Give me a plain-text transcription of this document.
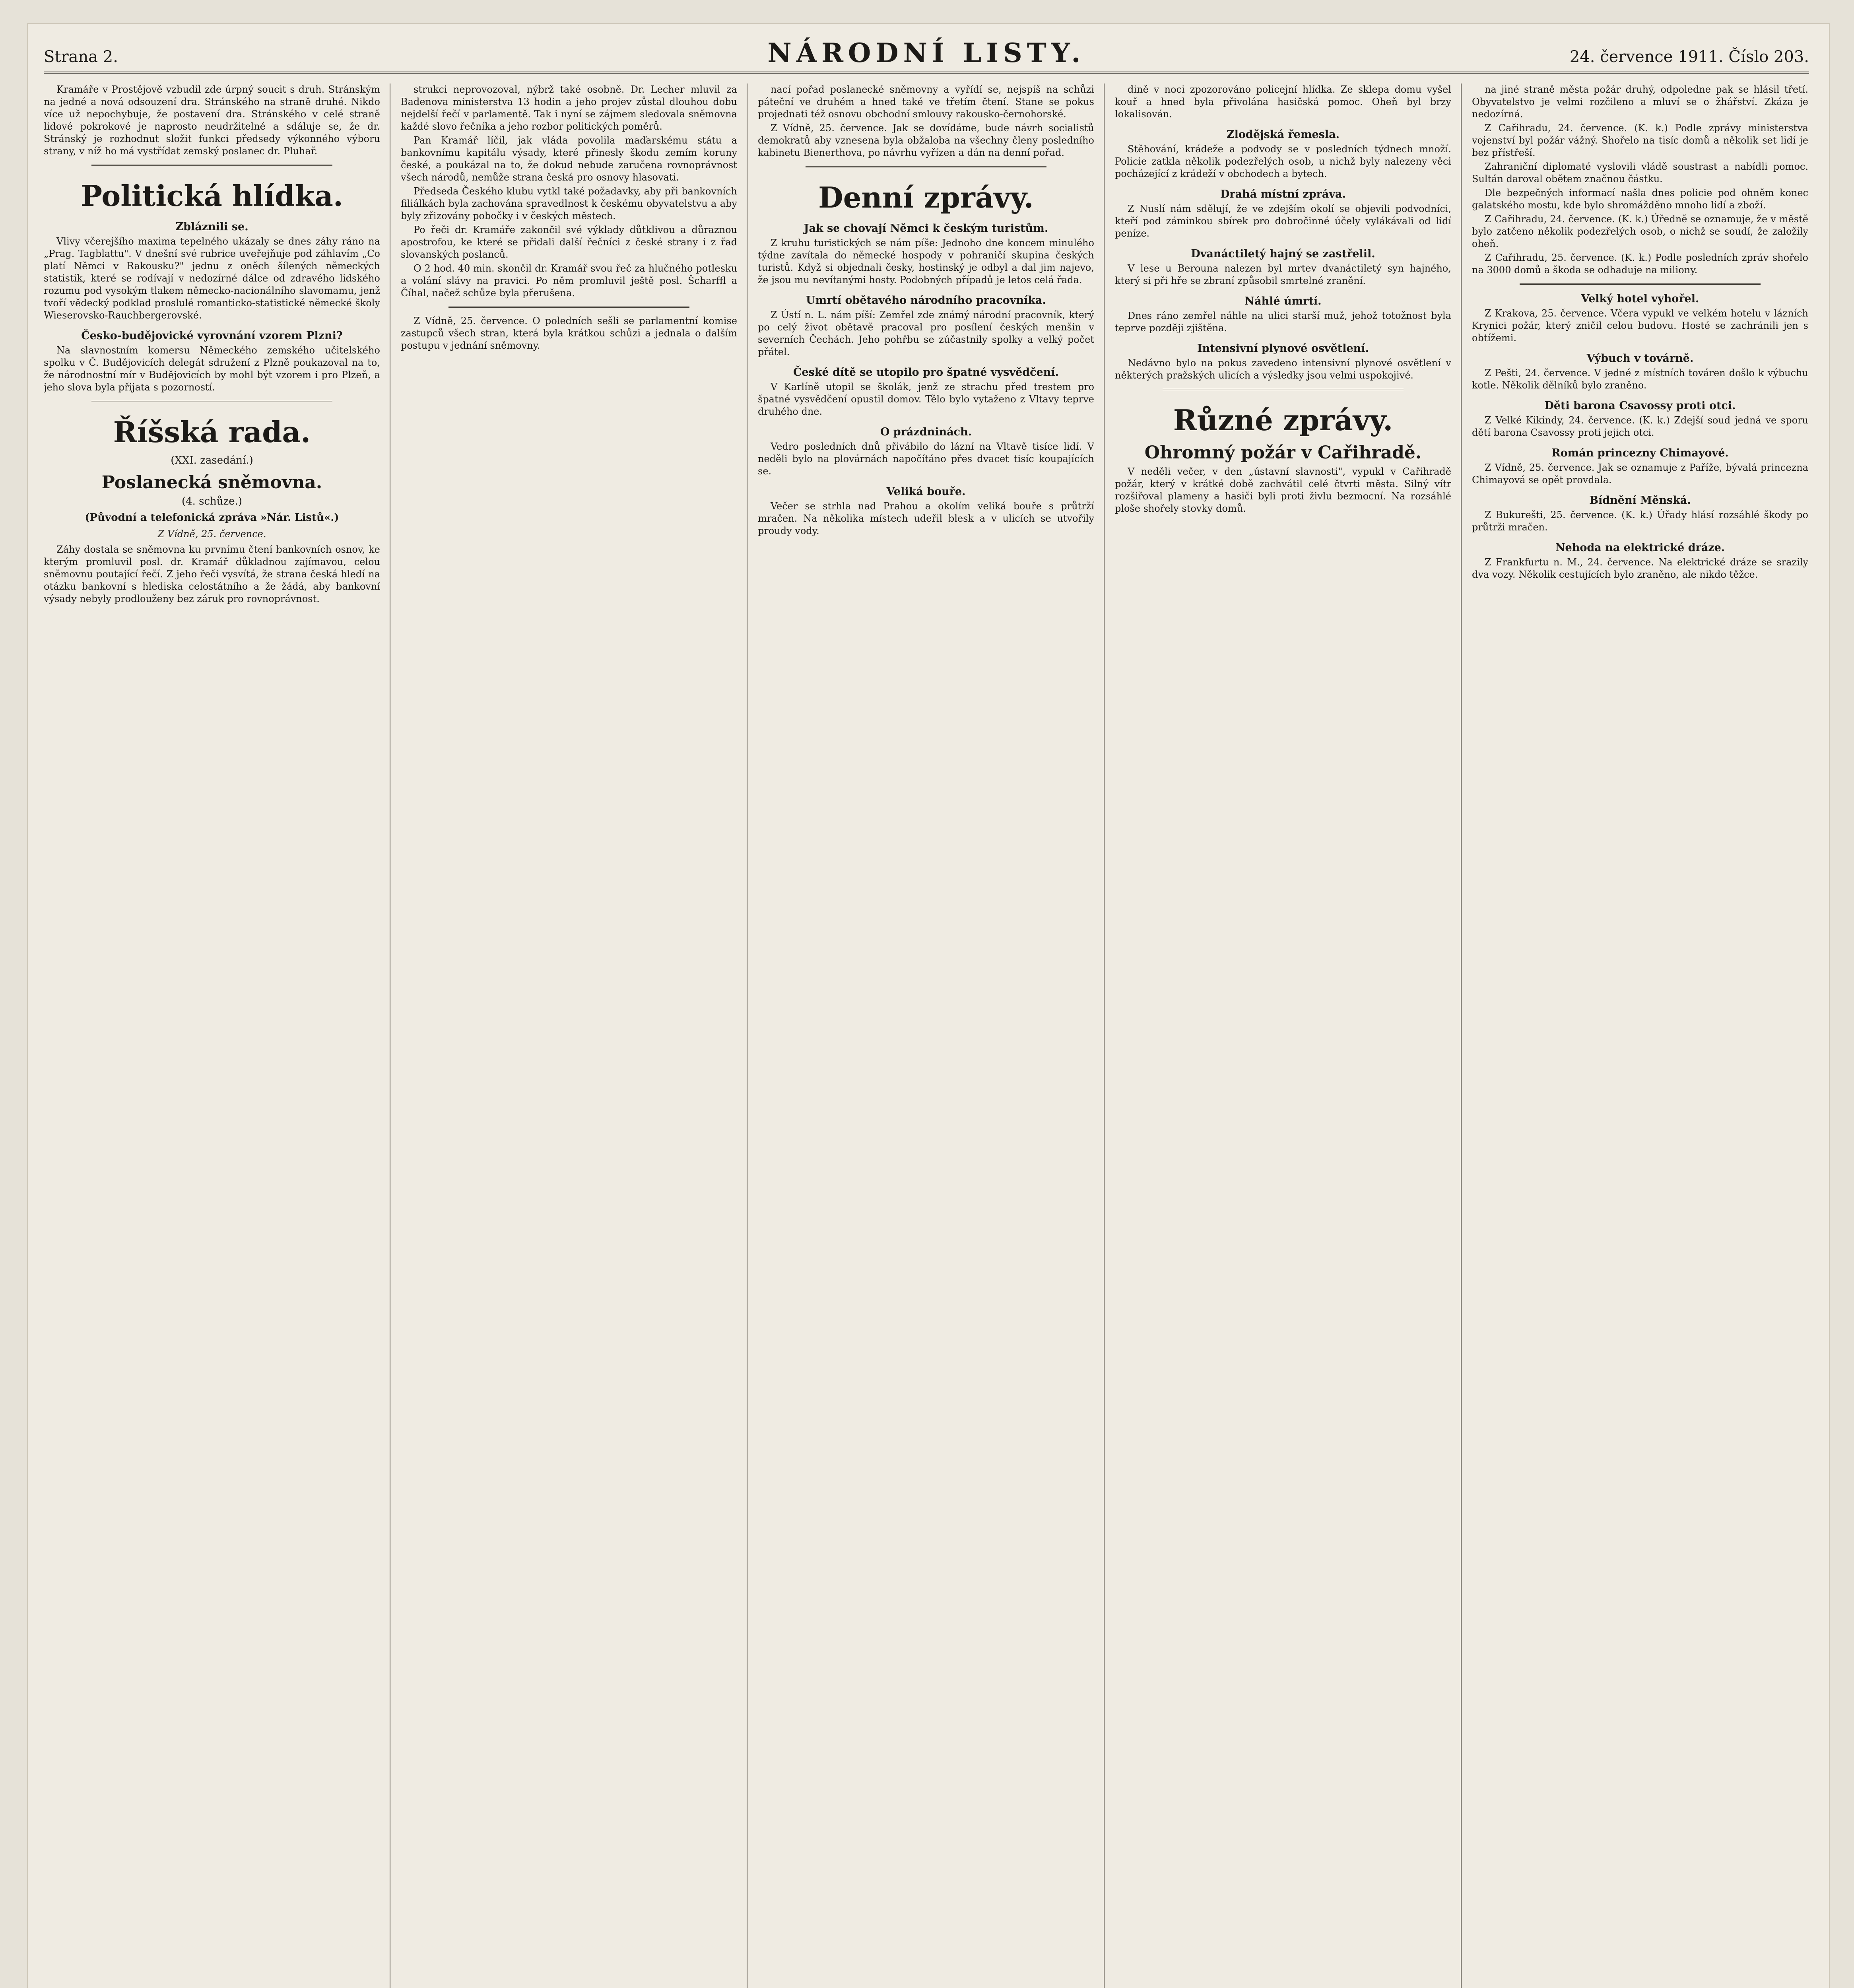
Strana 2.	NÁRODNÍ LISTY.	24. července 1911. Číslo 203.

Kramáře v Prostějově vzbudil zde úrpný soucit s druh. Stránským na jedné a nová odsouzení dra. Stránského na straně druhé. Nikdo více už nepochybuje, že postavení dra. Stránského v celé straně lidové pokrokové je naprosto neudržitelné a sdáluje se, že dr. Stránský je rozhodnut složit funkci předsedy výkonného výboru strany, v níž ho má vystřídat zemský poslanec dr. Pluhař.

Politická hlídka.
Zbláznili se.

Vlivy včerejšího maxima tepelného ukázaly se dnes záhy ráno na „Prag. Tagblattu". V dnešní své rubrice uveřejňuje pod záhlavím „Co platí Němci v Rakousku?" jednu z oněch šílených německých statistik, které se rodívají v nedozírné dálce od zdravého lidského rozumu pod vysokým tlakem německo-nacionálního slavomamu, jenž tvoří vědecký podklad proslulé romanticko-statistické německé školy Wieserovsko-Rauchbergerovské.

Česko-budějovické vyrovnání vzorem Plzni?

Na slavnostním komersu Německého zemského učitelského spolku v Č. Budějovicích delegát sdružení z Plzně poukazoval na to, že národnostní mír v Budějovicích by mohl být vzorem i pro Plzeň, a jeho slova byla přijata s pozorností.

Říšská rada.
(XXI. zasedání.)
Poslanecká sněmovna.
(4. schůze.)
(Původní a telefonická zpráva »Nár. Listů«.)
Z Vídně, 25. července.

Záhy dostala se sněmovna ku prvnímu čtení bankovních osnov, ke kterým promluvil posl. dr. Kramář důkladnou zajímavou, celou sněmovnu poutající řečí. Z jeho řeči vysvítá, že strana česká hledí na otázku bankovní s hlediska celostátního a že žádá, aby bankovní výsady nebyly prodlouženy bez záruk pro rovnoprávnost.

strukci neprovozoval, nýbrž také osobně. Dr. Lecher mluvil za Badenova ministerstva 13 hodin a jeho projev zůstal dlouhou dobu nejdelší řečí v parlamentě. Tak i nyní se zájmem sledovala sněmovna každé slovo řečníka a jeho rozbor politických poměrů.

Pan Kramář líčil, jak vláda povolila maďarskému státu a bankovnímu kapitálu výsady, které přinesly škodu zemím koruny české, a poukázal na to, že dokud nebude zaručena rovnoprávnost všech národů, nemůže strana česká pro osnovy hlasovati.

Předseda Českého klubu vytkl také požadavky, aby při bankovních filiálkách byla zachována spravedlnost k českému obyvatelstvu a aby byly zřizovány pobočky i v českých městech.

Po řeči dr. Kramáře zakončil své výklady důtklivou a důraznou apostrofou, ke které se přidali další řečníci z české strany i z řad slovanských poslanců.

O 2 hod. 40 min. skončil dr. Kramář svou řeč za hlučného potlesku a volání slávy na pravici. Po něm promluvil ještě posl. Šcharffl a Číhal, načež schůze byla přerušena.

Z Vídně, 25. července. O poledních sešli se parlamentní komise zastupců všech stran, která byla krátkou schůzi a jednala o dalším postupu v jednání sněmovny.

nací pořad poslanecké sněmovny a vyřídí se, nejspíš na schůzi páteční ve druhém a hned také ve třetím čtení. Stane se pokus projednati též osnovu obchodní smlouvy rakousko-černohorské.

Z Vídně, 25. července. Jak se dovídáme, bude návrh socialistů demokratů aby vznesena byla obžaloba na všechny členy posledního kabinetu Bienerthova, po návrhu vyřízen a dán na denní pořad.

Denní zprávy.
Jak se chovají Němci k českým turistům.

Z kruhu turistických se nám píše: Jednoho dne koncem minulého týdne zavítala do německé hospody v pohraničí skupina českých turistů. Když si objednali česky, hostinský je odbyl a dal jim najevo, že jsou mu nevítanými hosty. Podobných případů je letos celá řada.

Umrtí obětavého národního pracovníka.

Z Ústí n. L. nám píší: Zemřel zde známý národní pracovník, který po celý život obětavě pracoval pro posílení českých menšin v severních Čechách. Jeho pohřbu se zúčastnily spolky a velký počet přátel.

České dítě se utopilo pro špatné vysvědčení.

V Karlíně utopil se školák, jenž ze strachu před trestem pro špatné vysvědčení opustil domov. Tělo bylo vytaženo z Vltavy teprve druhého dne.

O prázdninách.

Vedro posledních dnů přivábilo do lázní na Vltavě tisíce lidí. V neděli bylo na plovárnách napočítáno přes dvacet tisíc koupajících se.

Veliká bouře.

Večer se strhla nad Prahou a okolím veliká bouře s průtrží mračen. Na několika místech udeřil blesk a v ulicích se utvořily proudy vody.

dině v noci zpozorováno policejní hlídka. Ze sklepa domu vyšel kouř a hned byla přivolána hasičská pomoc. Oheň byl brzy lokalisován.

Zlodějská řemesla.

Stěhování, krádeže a podvody se v posledních týdnech množí. Policie zatkla několik podezřelých osob, u nichž byly nalezeny věci pocházející z krádeží v obchodech a bytech.

Drahá místní zpráva.

Z Nuslí nám sdělují, že ve zdejším okolí se objevili podvodníci, kteří pod záminkou sbírek pro dobročinné účely vylákávali od lidí peníze.

Dvanáctiletý hajný se zastřelil.

V lese u Berouna nalezen byl mrtev dvanáctiletý syn hajného, který si při hře se zbraní způsobil smrtelné zranění.

Náhlé úmrtí.

Dnes ráno zemřel náhle na ulici starší muž, jehož totožnost byla teprve později zjištěna.

Intensivní plynové osvětlení.

Nedávno bylo na pokus zavedeno intensivní plynové osvětlení v některých pražských ulicích a výsledky jsou velmi uspokojivé.

Různé zprávy.
Ohromný požár v Cařihradě.

V neděli večer, v den „ústavní slavnosti", vypukl v Cařihradě požár, který v krátké době zachvátil celé čtvrti města. Silný vítr rozšiřoval plameny a hasiči byli proti živlu bezmocní. Na rozsáhlé ploše shořely stovky domů.

na jiné straně města požár druhý, odpoledne pak se hlásil třetí. Obyvatelstvo je velmi rozčileno a mluví se o žhářství. Zkáza je nedozírná.

Z Cařihradu, 24. července. (K. k.) Podle zprávy ministerstva vojenství byl požár vážný. Shořelo na tisíc domů a několik set lidí je bez přístřeší.

Zahraniční diplomaté vyslovili vládě soustrast a nabídli pomoc. Sultán daroval obětem značnou částku.

Dle bezpečných informací našla dnes policie pod ohněm konec galatského mostu, kde bylo shromážděno mnoho lidí a zboží.

Z Cařihradu, 24. července. (K. k.) Úředně se oznamuje, že v městě bylo zatčeno několik podezřelých osob, o nichž se soudí, že založily oheň.

Z Cařihradu, 25. července. (K. k.) Podle posledních zpráv shořelo na 3000 domů a škoda se odhaduje na miliony.

Velký hotel vyhořel.

Z Krakova, 25. července. Včera vypukl ve velkém hotelu v lázních Krynici požár, který zničil celou budovu. Hosté se zachránili jen s obtížemi.

Výbuch v továrně.

Z Pešti, 24. července. V jedné z místních továren došlo k výbuchu kotle. Několik dělníků bylo zraněno.

Děti barona Csavossy proti otci.

Z Velké Kikindy, 24. července. (K. k.) Zdejší soud jedná ve sporu dětí barona Csavossy proti jejich otci.

Román princezny Chimayové.

Z Vídně, 25. července. Jak se oznamuje z Paříže, bývalá princezna Chimayová se opět provdala.

Bídnění Měnská.

Z Bukurešti, 25. července. (K. k.) Úřady hlásí rozsáhlé škody po průtrži mračen.

Nehoda na elektrické dráze.

Z Frankfurtu n. M., 24. července. Na elektrické dráze se srazily dva vozy. Několik cestujících bylo zraněno, ale nikdo těžce.
